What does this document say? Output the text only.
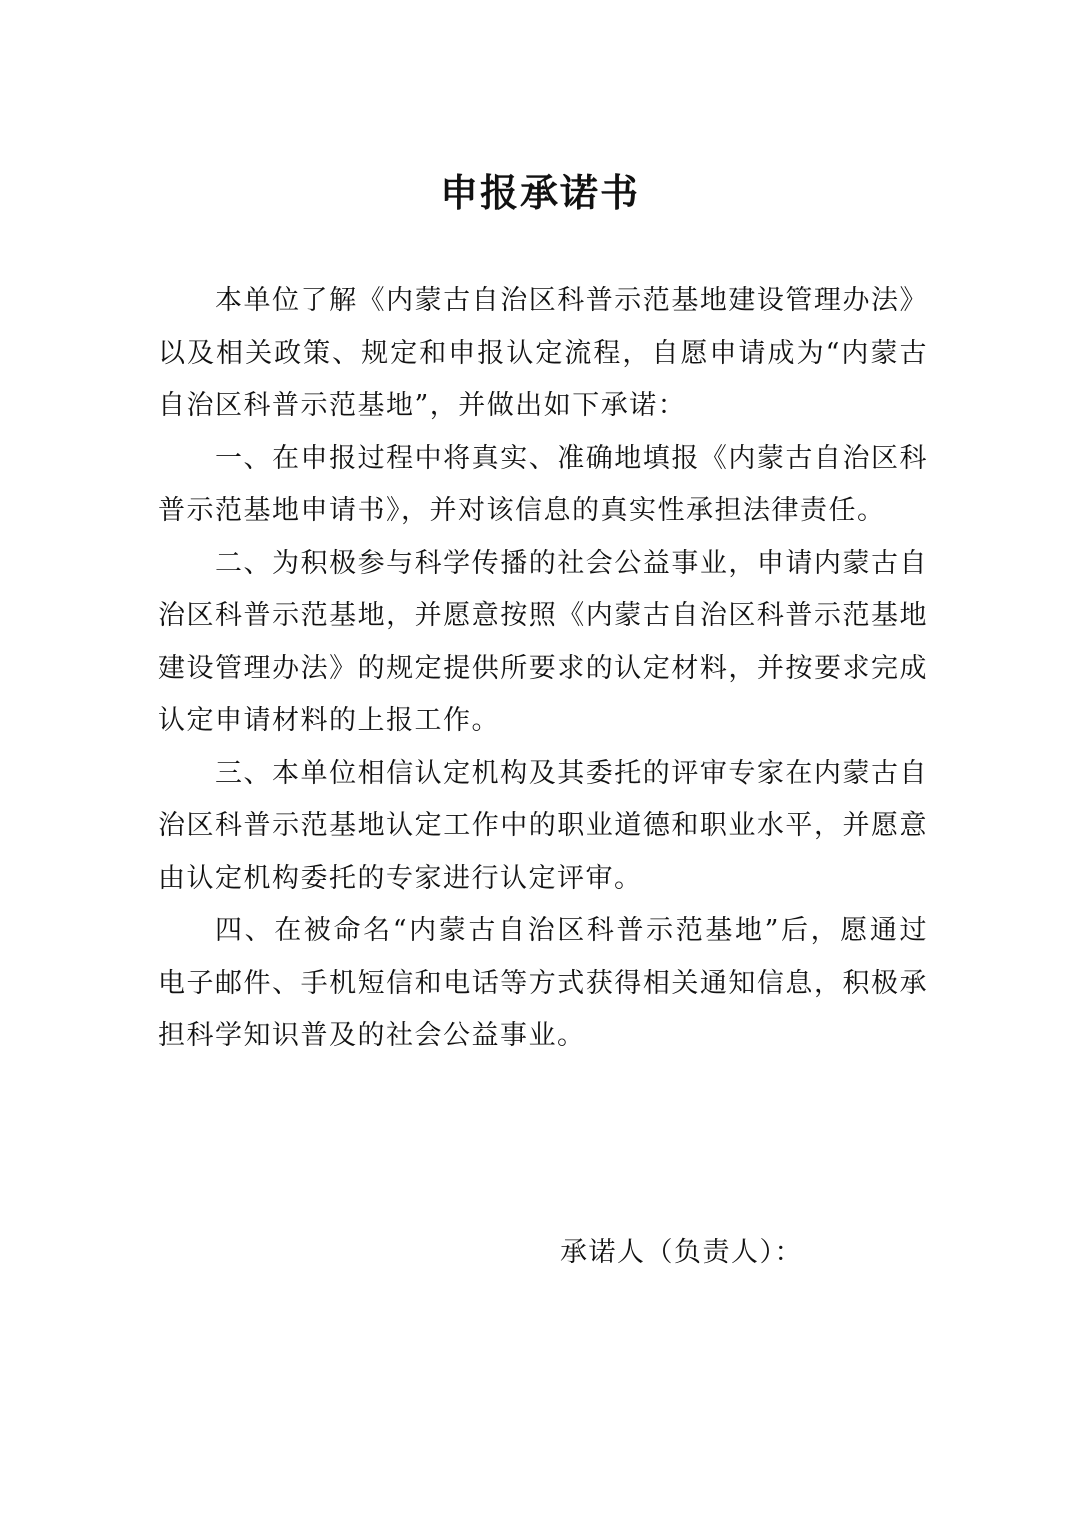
申报承诺书

本单位了解《内蒙古自治区科普示范基地建设管理办法》以及相关政策、规定和申报认定流程，自愿申请成为“内蒙古自治区科普示范基地”，并做出如下承诺：

一、在申报过程中将真实、准确地填报《内蒙古自治区科普示范基地申请书》，并对该信息的真实性承担法律责任。

二、为积极参与科学传播的社会公益事业，申请内蒙古自治区科普示范基地，并愿意按照《内蒙古自治区科普示范基地建设管理办法》的规定提供所要求的认定材料，并按要求完成认定申请材料的上报工作。

三、本单位相信认定机构及其委托的评审专家在内蒙古自治区科普示范基地认定工作中的职业道德和职业水平，并愿意由认定机构委托的专家进行认定评审。

四、在被命名“内蒙古自治区科普示范基地”后，愿通过电子邮件、手机短信和电话等方式获得相关通知信息，积极承担科学知识普及的社会公益事业。

承诺人（负责人）：
